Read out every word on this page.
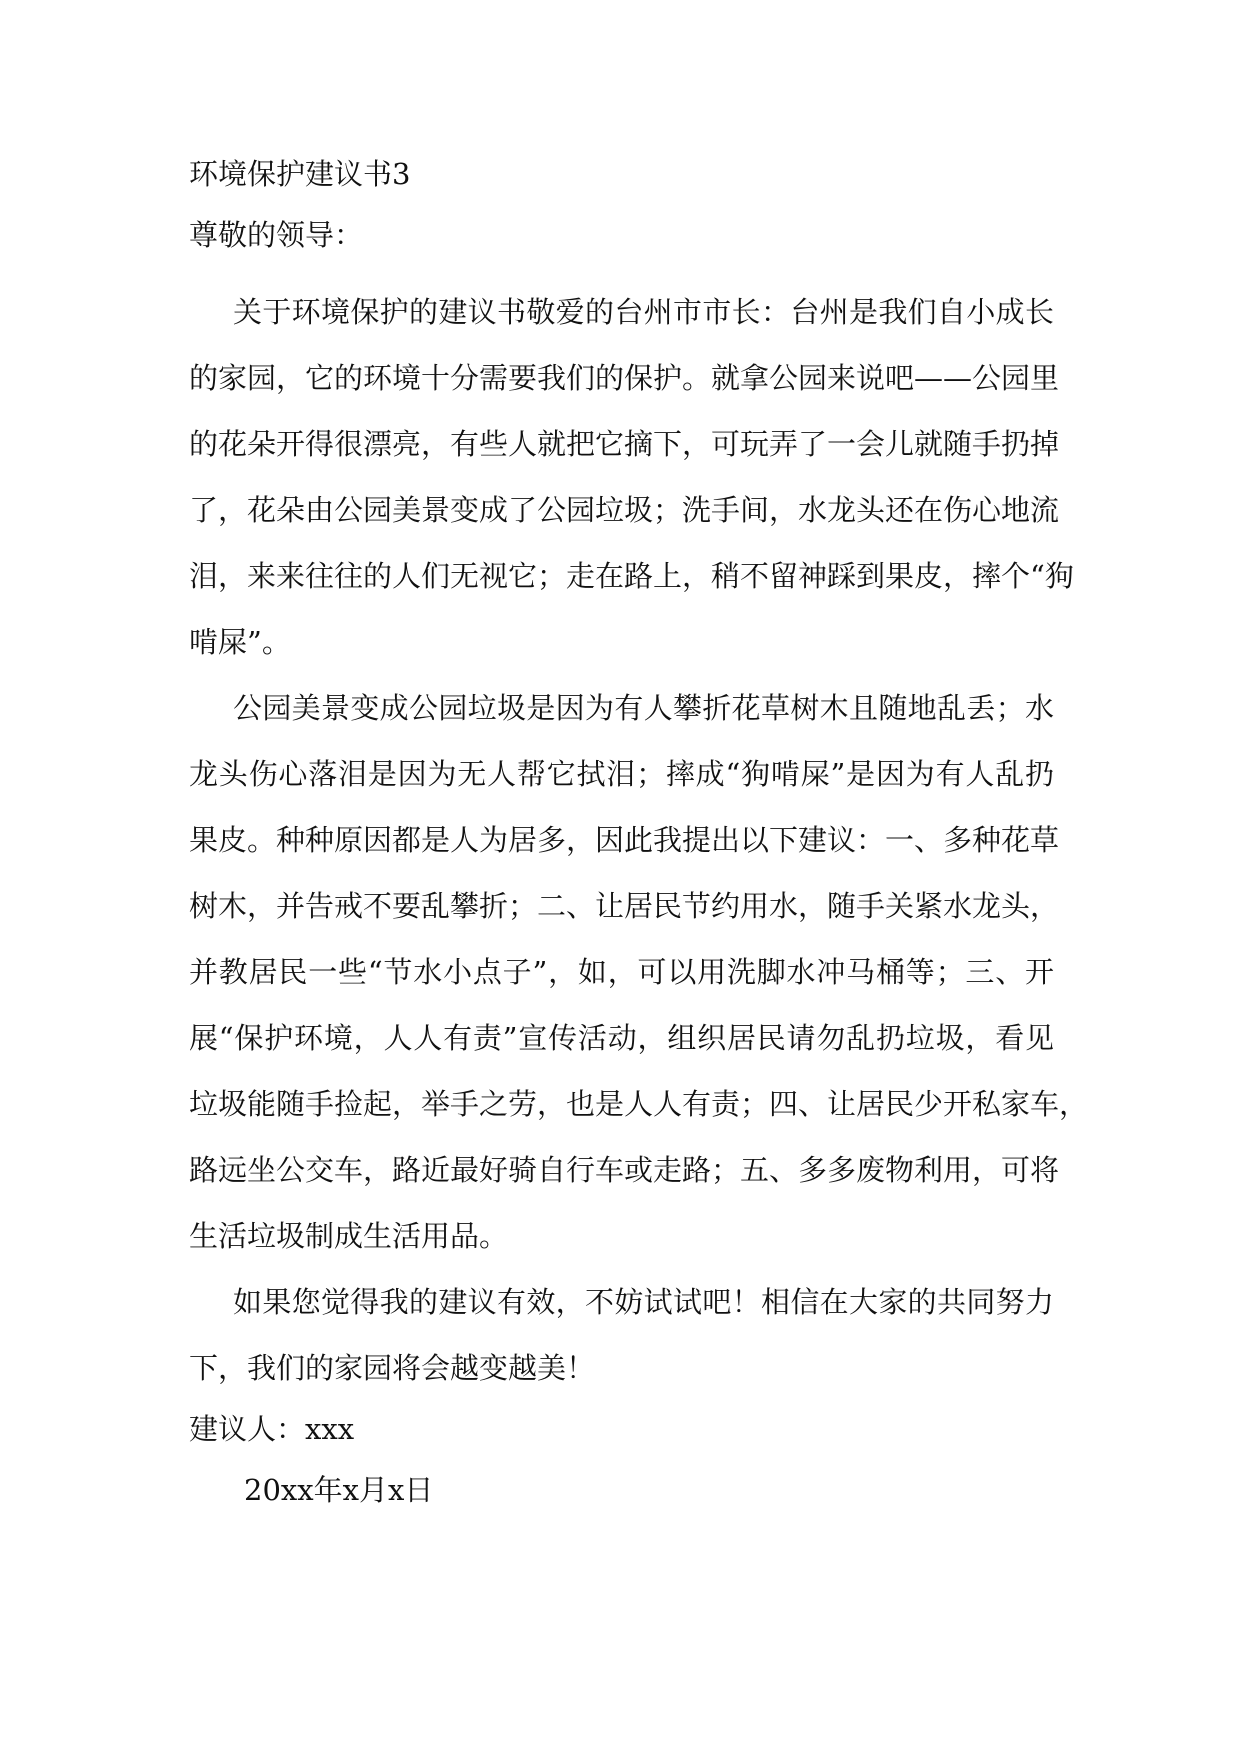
环境保护建议书3
尊敬的领导：
关于环境保护的建议书敬爱的台州市市长：台州是我们自小成长
的家园，它的环境十分需要我们的保护。就拿公园来说吧——公园里
的花朵开得很漂亮，有些人就把它摘下，可玩弄了一会儿就随手扔掉
了，花朵由公园美景变成了公园垃圾；洗手间，水龙头还在伤心地流
泪，来来往往的人们无视它；走在路上，稍不留神踩到果皮，摔个“狗
啃屎”。
公园美景变成公园垃圾是因为有人攀折花草树木且随地乱丢；水
龙头伤心落泪是因为无人帮它拭泪；摔成“狗啃屎”是因为有人乱扔
果皮。种种原因都是人为居多，因此我提出以下建议：一、多种花草
树木，并告戒不要乱攀折；二、让居民节约用水，随手关紧水龙头，
并教居民一些“节水小点子”，如，可以用洗脚水冲马桶等；三、开
展“保护环境，人人有责”宣传活动，组织居民请勿乱扔垃圾，看见
垃圾能随手捡起，举手之劳，也是人人有责；四、让居民少开私家车，
路远坐公交车，路近最好骑自行车或走路；五、多多废物利用，可将
生活垃圾制成生活用品。
如果您觉得我的建议有效，不妨试试吧！相信在大家的共同努力
下，我们的家园将会越变越美！
建议人：xxx
20xx年x月x日
